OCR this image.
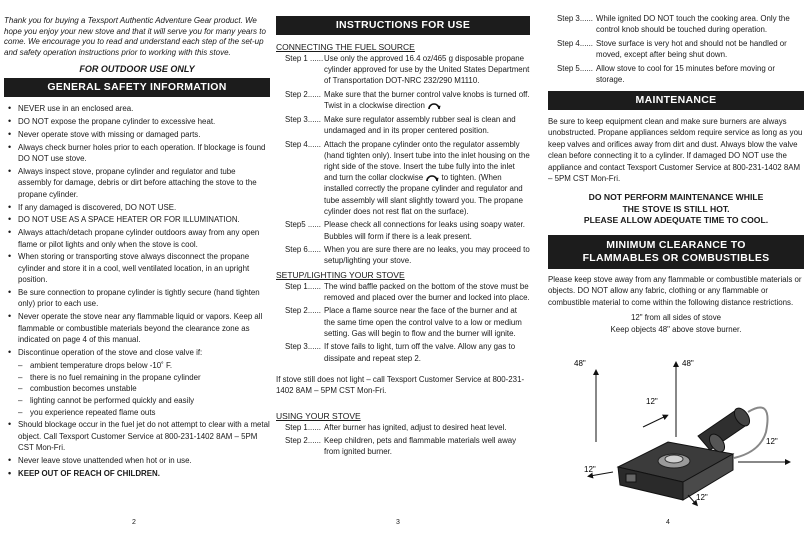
Thank you for buying a Texsport Authentic Adventure Gear product. We hope you enjoy your new stove and that it will serve you for many years to come. We encourage you to read and understand each step of the set-up and safety operation instructions prior to working with this stove.

FOR OUTDOOR USE ONLY
GENERAL SAFETY INFORMATION
• NEVER use in an enclosed area.
• DO NOT expose the propane cylinder to excessive heat.
• Never operate stove with missing or damaged parts.
• Always check burner holes prior to each operation. If blockage is found DO NOT use stove.
• Always inspect stove, propane cylinder and regulator and tube assembly for damage, debris or dirt before attaching the stove to the propane cylinder.
• If any damaged is discovered, DO NOT USE.
• DO NOT USE AS A SPACE HEATER OR FOR ILLUMINATION.
• Always attach/detach propane cylinder outdoors away from any open flame or pilot lights and only when the stove is cool.
• When storing or transporting stove always disconnect the propane cylinder and store it in a cool, well ventilated location, in an upright position.
• Be sure connection to propane cylinder is tightly secure (hand tighten only) prior to each use.
• Never operate the stove near any flammable liquid or vapors. Keep all flammable or combustible materials beyond the clearance zone as indicated on page 4 of this manual.
• Discontinue operation of the stove and close valve if:
– ambient temperature drops below -10˚ F.
– there is no fuel remaining in the propane cylinder
– combustion becomes unstable
– lighting cannot be performed quickly and easily
– you experience repeated flame outs
• Should blockage occur in the fuel jet do not attempt to clear with a metal object. Call Texsport Customer Service at 800-231-1402 8AM – 5PM CST Mon-Fri.
• Never leave stove unattended when hot or in use.
• KEEP OUT OF REACH OF CHILDREN.
2
INSTRUCTIONS FOR USE
CONNECTING THE FUEL SOURCE
Step 1 ...... Use only the approved 16.4 oz/465 g disposable propane cylinder approved for use by the United States Department of Transportation DOT-NRC 232/290 M1110.
Step 2...... Make sure that the burner control valve knobs is turned off. Twist in a clockwise direction
Step 3...... Make sure regulator assembly rubber seal is clean and undamaged and in its proper centered position.
Step 4...... Attach the propane cylinder onto the regulator assembly (hand tighten only). Insert tube into the inlet housing on the right side of the stove. Insert the tube fully into the inlet and turn the collar clockwise to tighten. (When installed correctly the propane cylinder and regulator and tube assembly will slant slightly toward you. The propane cylinder does not rest flat on the surface).
Step5 ...... Please check all connections for leaks using soapy water. Bubbles will form if there is a leak present.
Step 6...... When you are sure there are no leaks, you may proceed to setup/lighting your stove.
SETUP/LIGHTING YOUR STOVE
Step 1...... The wind baffle packed on the bottom of the stove must be removed and placed over the burner and locked into place.
Step 2...... Place a flame source near the face of the burner and at the same time open the control valve to a low or medium setting. Gas will begin to flow and the burner will ignite.
Step 3...... If stove fails to light, turn off the valve. Allow any gas to dissipate and repeat step 2.

If stove still does not light – call Texsport Customer Service at 800-231-1402 8AM – 5PM CST Mon-Fri.

USING YOUR STOVE
Step 1...... After burner has ignited, adjust to desired heat level.
Step 2...... Keep children, pets and flammable materials well away from ignited burner.
3
Step 3...... While ignited DO NOT touch the cooking area. Only the control knob should be touched during operation.
Step 4...... Stove surface is very hot and should not be handled or moved, except after being shut down.
Step 5...... Allow stove to cool for 15 minutes before moving or storage.
MAINTENANCE

Be sure to keep equipment clean and make sure burners are always unobstructed. Propane appliances seldom require service as long as you keep valves and orifices away from dirt and dust. Always blow the valve clean before connecting it to a cylinder. If damaged DO NOT use the appliance and contact Texsport Customer Service at 800-231-1402 8AM – 5PM CST Mon-Fri.

DO NOT PERFORM MAINTENANCE WHILE
THE STOVE IS STILL HOT.
PLEASE ALLOW ADEQUATE TIME TO COOL.
MINIMUM CLEARANCE TO
FLAMMABLES OR COMBUSTIBLES

Please keep stove away from any flammable or combustible materials or objects. DO NOT allow any fabric, clothing or any flammable or combustible material to come within the following distance restrictions.

12" from all sides of stove
Keep objects 48" above stove burner.
48"	48"
12"
12"
12"
12"
4
